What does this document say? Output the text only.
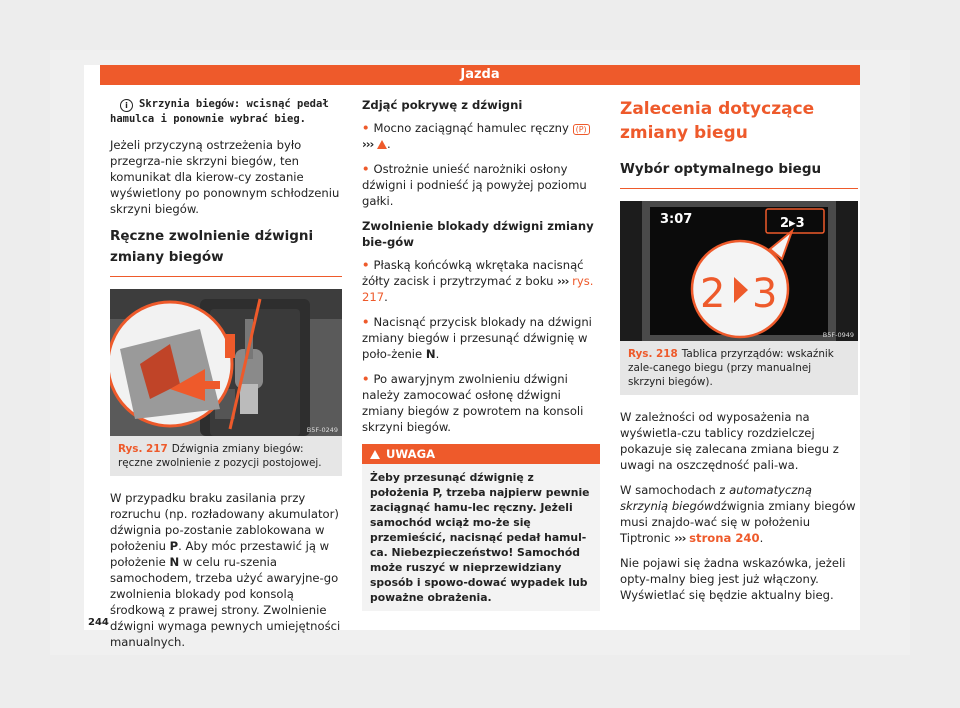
Jazda
i Skrzynia biegów: wcisnąć pedał hamulca i ponownie wybrać bieg.

Jeżeli przyczyną ostrzeżenia było przegrza-nie skrzyni biegów, ten komunikat dla kierow-cy zostanie wyświetlony po ponownym schłodzeniu skrzyni biegów.

Ręczne zwolnienie dźwigni zmiany biegów
B5F-0249
Rys. 217 Dźwignia zmiany biegów: ręczne zwolnienie z pozycji postojowej.

W przypadku braku zasilania przy rozruchu (np. rozładowany akumulator) dźwignia po-zostanie zablokowana w położeniu P. Aby móc przestawić ją w położenie N w celu ru-szenia samochodem, trzeba użyć awaryjne-go zwolnienia blokady pod konsolą środkową z prawej strony. Zwolnienie dźwigni wymaga pewnych umiejętności manualnych.

244
Zdjąć pokrywę z dźwigni

• Mocno zaciągnąć hamulec ręczny (P) ››› .

• Ostrożnie unieść narożniki osłony dźwigni i podnieść ją powyżej poziomu gałki.

Zwolnienie blokady dźwigni zmiany bie-gów

• Płaską końcówką wkrętaka nacisnąć żółty zacisk i przytrzymać z boku ››› rys. 217.

• Nacisnąć przycisk blokady na dźwigni zmiany biegów i przesunąć dźwignię w poło-żenie N.

• Po awaryjnym zwolnieniu dźwigni należy zamocować osłonę dźwigni zmiany biegów z powrotem na konsoli skrzyni biegów.

UWAGA
Żeby przesunąć dźwignię z położenia P, trzeba najpierw pewnie zaciągnąć hamu-lec ręczny. Jeżeli samochód wciąż mo-że się przemieścić, nacisnąć pedał hamul-ca. Niebezpieczeństwo! Samochód może ruszyć w nieprzewidziany sposób i spowo-dować wypadek lub poważne obrażenia.
Zalecenia dotyczące zmiany biegu
Wybór optymalnego biegu
3:07	2▸3
2 3
B5F-0949
Rys. 218 Tablica przyrządów: wskaźnik zale-canego biegu (przy manualnej skrzyni biegów).

W zależności od wyposażenia na wyświetla-czu tablicy rozdzielczej pokazuje się zalecana zmiana biegu z uwagi na oszczędność pali-wa.

W samochodach z automatyczną skrzynią biegówdźwignia zmiany biegów musi znajdo-wać się w położeniu Tiptronic ››› strona 240.

Nie pojawi się żadna wskazówka, jeżeli opty-malny bieg jest już włączony. Wyświetlać się będzie aktualny bieg.
